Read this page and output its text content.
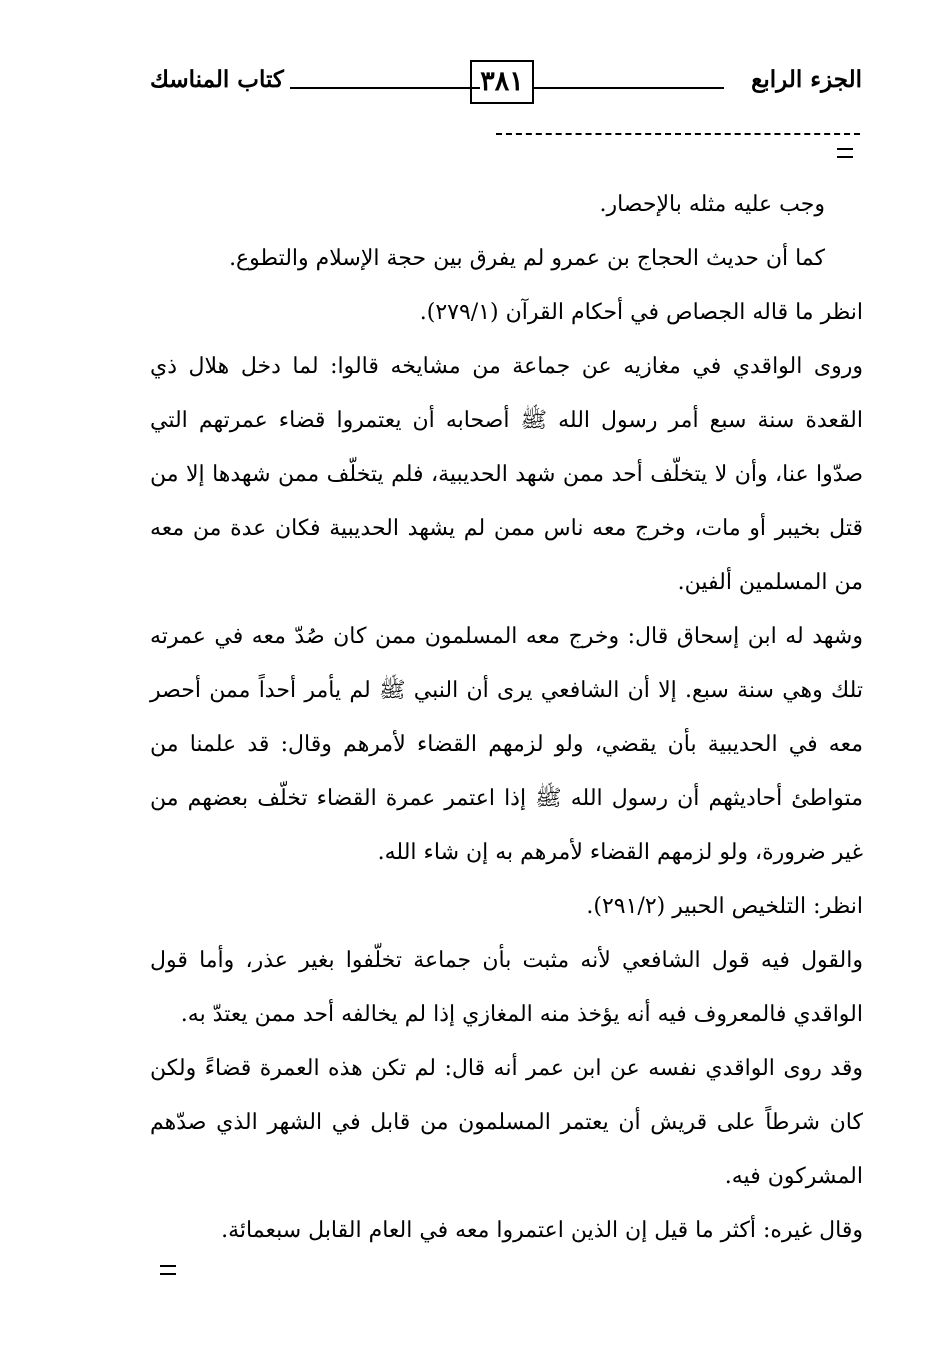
الجزء الرابع
٣٨١
كتاب المناسك

وجب عليه مثله بالإحصار.

كما أن حديث الحجاج بن عمرو لم يفرق بين حجة الإسلام والتطوع.

انظر ما قاله الجصاص في أحكام القرآن (٢٧٩/١).

وروى الواقدي في مغازيه عن جماعة من مشايخه قالوا: لما دخل هلال ذي القعدة سنة سبع أمر رسول الله ﷺ أصحابه أن يعتمروا قضاء عمرتهم التي صدّوا عنا، وأن لا يتخلّف أحد ممن شهد الحديبية، فلم يتخلّف ممن شهدها إلا من قتل بخيبر أو مات، وخرج معه ناس ممن لم يشهد الحديبية فكان عدة من معه من المسلمين ألفين.

وشهد له ابن إسحاق قال: وخرج معه المسلمون ممن كان صُدّ معه في عمرته تلك وهي سنة سبع. إلا أن الشافعي يرى أن النبي ﷺ لم يأمر أحداً ممن أحصر معه في الحديبية بأن يقضي، ولو لزمهم القضاء لأمرهم وقال: قد علمنا من متواطئ أحاديثهم أن رسول الله ﷺ إذا اعتمر عمرة القضاء تخلّف بعضهم من غير ضرورة، ولو لزمهم القضاء لأمرهم به إن شاء الله.

انظر: التلخيص الحبير (٢٩١/٢).

والقول فيه قول الشافعي لأنه مثبت بأن جماعة تخلّفوا بغير عذر، وأما قول الواقدي فالمعروف فيه أنه يؤخذ منه المغازي إذا لم يخالفه أحد ممن يعتدّ به.

وقد روى الواقدي نفسه عن ابن عمر أنه قال: لم تكن هذه العمرة قضاءً ولكن كان شرطاً على قريش أن يعتمر المسلمون من قابل في الشهر الذي صدّهم المشركون فيه.

وقال غيره: أكثر ما قيل إن الذين اعتمروا معه في العام القابل سبعمائة.
